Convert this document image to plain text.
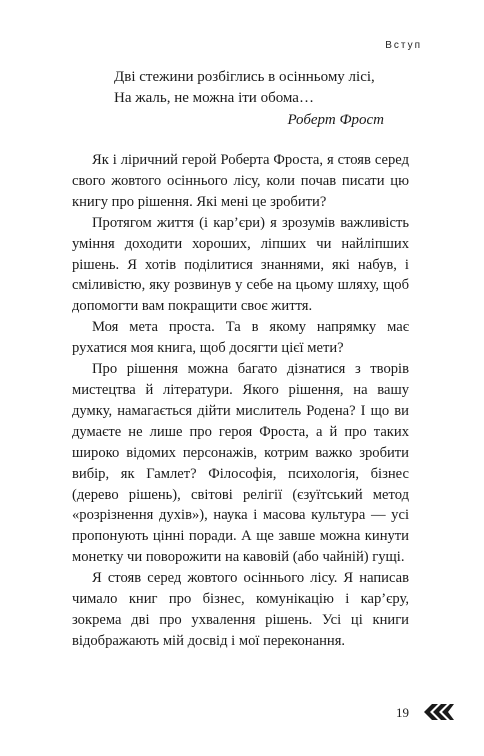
Вступ
Дві стежини розбіглись в осінньому лісі,
На жаль, не можна іти обома…
Роберт Фрост

Як і ліричний герой Роберта Фроста, я стояв серед свого жовтого осіннього лісу, коли почав писати цю книгу про рішення. Які мені це зробити?

Протягом життя (і кар’єри) я зрозумів важливість уміння доходити хороших, ліпших чи найліпших рішень. Я хотів поділитися знаннями, які набув, і сміливістю, яку розвинув у себе на цьому шляху, щоб допомогти вам покращити своє життя.

Моя мета проста. Та в якому напрямку має рухатися моя книга, щоб досягти цієї мети?

Про рішення можна багато дізнатися з творів мистецтва й літератури. Якого рішення, на вашу думку, намагається дійти мислитель Родена? І що ви думаєте не лише про героя Фроста, а й про таких широко відомих персонажів, котрим важко зробити вибір, як Гамлет? Філософія, психологія, бізнес (дерево рішень), світові релігії (єзуїтський метод «розрізнення духів»), наука і масова культура — усі пропонують цінні поради. А ще завше можна кинути монетку чи поворожити на кавовій (або чайній) гущі.

Я стояв серед жовтого осіннього лісу. Я написав чимало книг про бізнес, комунікацію і кар’єру, зокрема дві про ухвалення рішень. Усі ці книги відображають мій досвід і мої переконання.

19
